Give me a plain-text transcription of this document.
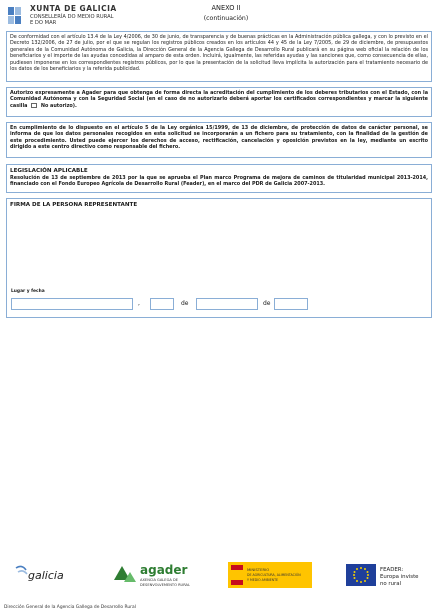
XUNTA DE GALICIA
CONSELLERÍA DO MEDIO RURAL
E DO MAR
ANEXO II
(continuación)

De conformidad con el artículo 13.4 de la Ley 4/2006, de 30 de junio, de transparencia y de buenas prácticas en la Administración pública gallega, y con lo previsto en el Decreto 132/2006, de 27 de julio, por el que se regulan los registros públicos creados en los artículos 44 y 45 de la Ley 7/2005, de 29 de diciembre, de presupuestos generales de la Comunidad Autónoma de Galicia, la Dirección General de la Agencia Gallega de Desarrollo Rural publicará en su página web oficial la relación de los beneficiarios y el importe de las ayudas concedidas al amparo de esta orden. Incluirá, igualmente, las referidas ayudas y las sanciones que, como consecuencia de ellas, pudiesen imponerse en los correspondientes registros públicos, por lo que la presentación de la solicitud lleva implícita la autorización para el tratamiento necesario de los datos de los beneficiarios y la referida publicidad.

Autorizo expresamente a Agader para que obtenga de forma directa la acreditación del cumplimiento de los deberes tributarios con el Estado, con la Comunidad Autónoma y con la Seguridad Social (en el caso de no autorizarlo deberá aportar los certificados correspondientes y marcar la siguiente casilla	No autorizo).

En cumplimiento de lo dispuesto en el artículo 5 de la Ley orgánica 15/1999, de 13 de diciembre, de protección de datos de carácter personal, se informa de que los datos personales recogidos en esta solicitud se incorporarán a un fichero para su tratamiento, con la finalidad de la gestión de este procedimiento. Usted puede ejercer los derechos de acceso, rectificación, cancelación y oposición previstos en la ley, mediante un escrito dirigido a este centro directivo como responsable del fichero.

LEGISLACIÓN APLICABLE

Resolución de 13 de septiembre de 2013 por la que se aprueba el Plan marco Programa de mejora de caminos de titularidad municipal 2013-2014, financiado con el Fondo Europeo Agrícola de Desarrollo Rural (Feader), en el marco del PDR de Galicia 2007-2013.

FIRMA DE LA PERSONA REPRESENTANTE
Lugar y fecha
,	de	de
galicia	agader
AXENCIA GALEGA DE
DESENVOLVEMENTO RURAL
MINISTERIO
DE AGRICULTURA, ALIMENTACIÓN
Y MEDIO AMBIENTE
FEADER:
Europa inviste
no rural
Dirección General de la Agencia Gallega de Desarrollo Rural
